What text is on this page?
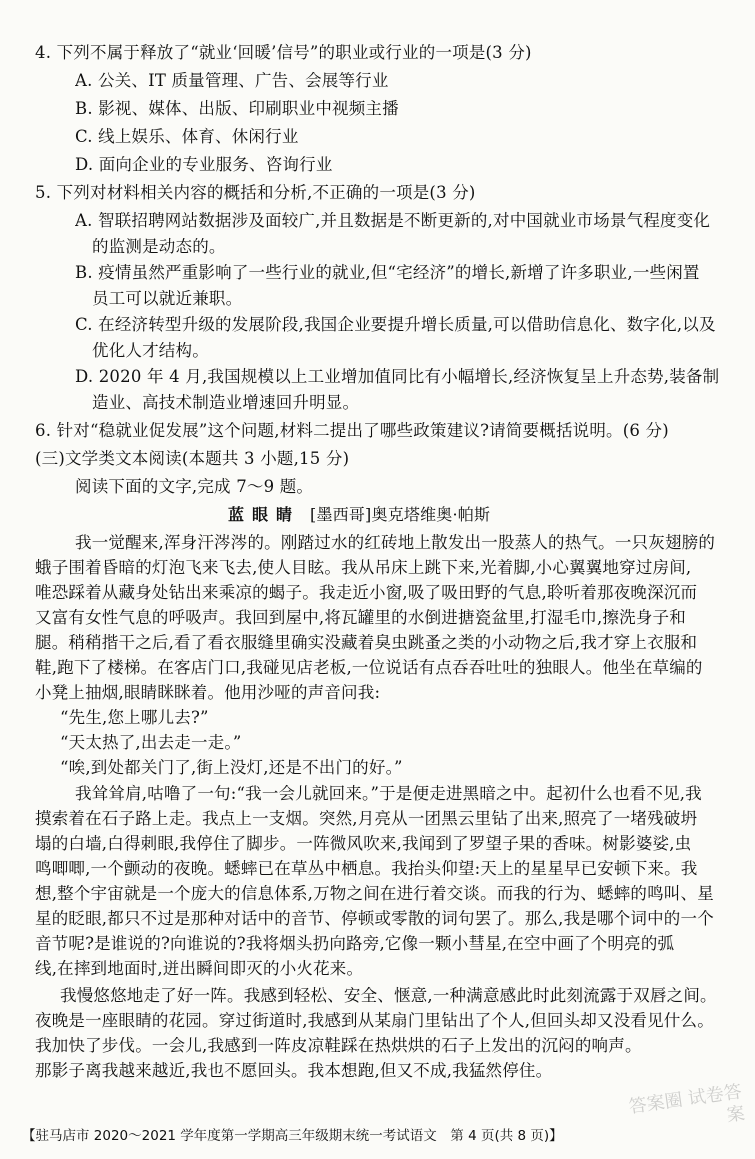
4. 下列不属于释放了“就业‘回暖’信号”的职业或行业的一项是(3 分)
A. 公关、IT 质量管理、广告、会展等行业
B. 影视、媒体、出版、印刷职业中视频主播
C. 线上娱乐、体育、休闲行业
D. 面向企业的专业服务、咨询行业
5. 下列对材料相关内容的概括和分析,不正确的一项是(3 分)
A. 智联招聘网站数据涉及面较广,并且数据是不断更新的,对中国就业市场景气程度变化
的监测是动态的。
B. 疫情虽然严重影响了一些行业的就业,但“宅经济”的增长,新增了许多职业,一些闲置
员工可以就近兼职。
C. 在经济转型升级的发展阶段,我国企业要提升增长质量,可以借助信息化、数字化,以及
优化人才结构。
D. 2020 年 4 月,我国规模以上工业增加值同比有小幅增长,经济恢复呈上升态势,装备制
造业、高技术制造业增速回升明显。
6. 针对“稳就业促发展”这个问题,材料二提出了哪些政策建议?请简要概括说明。(6 分)
(三)文学类文本阅读(本题共 3 小题,15 分)
阅读下面的文字,完成 7～9 题。
蓝眼睛 [墨西哥]奥克塔维奥·帕斯
我一觉醒来,浑身汗涔涔的。刚踏过水的红砖地上散发出一股蒸人的热气。一只灰翅膀的
蛾子围着昏暗的灯泡飞来飞去,使人目眩。我从吊床上跳下来,光着脚,小心翼翼地穿过房间,
唯恐踩着从藏身处钻出来乘凉的蝎子。我走近小窗,吸了吸田野的气息,聆听着那夜晚深沉而
又富有女性气息的呼吸声。我回到屋中,将瓦罐里的水倒进搪瓷盆里,打湿毛巾,擦洗身子和
腿。稍稍揩干之后,看了看衣服缝里确实没藏着臭虫跳蚤之类的小动物之后,我才穿上衣服和
鞋,跑下了楼梯。在客店门口,我碰见店老板,一位说话有点吞吞吐吐的独眼人。他坐在草编的
小凳上抽烟,眼睛眯眯着。他用沙哑的声音问我:
“先生,您上哪儿去?”
“天太热了,出去走一走。”
“唉,到处都关门了,街上没灯,还是不出门的好。”
我耸耸肩,咕噜了一句:“我一会儿就回来。”于是便走进黑暗之中。起初什么也看不见,我
摸索着在石子路上走。我点上一支烟。突然,月亮从一团黑云里钻了出来,照亮了一堵残破坍
塌的白墙,白得刺眼,我停住了脚步。一阵微风吹来,我闻到了罗望子果的香味。树影婆娑,虫
鸣唧唧,一个颤动的夜晚。蟋蟀已在草丛中栖息。我抬头仰望:天上的星星早已安顿下来。我
想,整个宇宙就是一个庞大的信息体系,万物之间在进行着交谈。而我的行为、蟋蟀的鸣叫、星
星的眨眼,都只不过是那种对话中的音节、停顿或零散的词句罢了。那么,我是哪个词中的一个
音节呢?是谁说的?向谁说的?我将烟头扔向路旁,它像一颗小彗星,在空中画了个明亮的弧
线,在摔到地面时,迸出瞬间即灭的小火花来。
我慢悠悠地走了好一阵。我感到轻松、安全、惬意,一种满意感此时此刻流露于双唇之间。
夜晚是一座眼睛的花园。穿过街道时,我感到从某扇门里钻出了个人,但回头却又没看见什么。
我加快了步伐。一会儿,我感到一阵皮凉鞋踩在热烘烘的石子上发出的沉闷的响声。
那影子离我越来越近,我也不愿回头。我本想跑,但又不成,我猛然停住。
【驻马店市 2020～2021 学年度第一学期高三年级期末统一考试语文　第 4 页(共 8 页)】
答案圈 试卷答案
